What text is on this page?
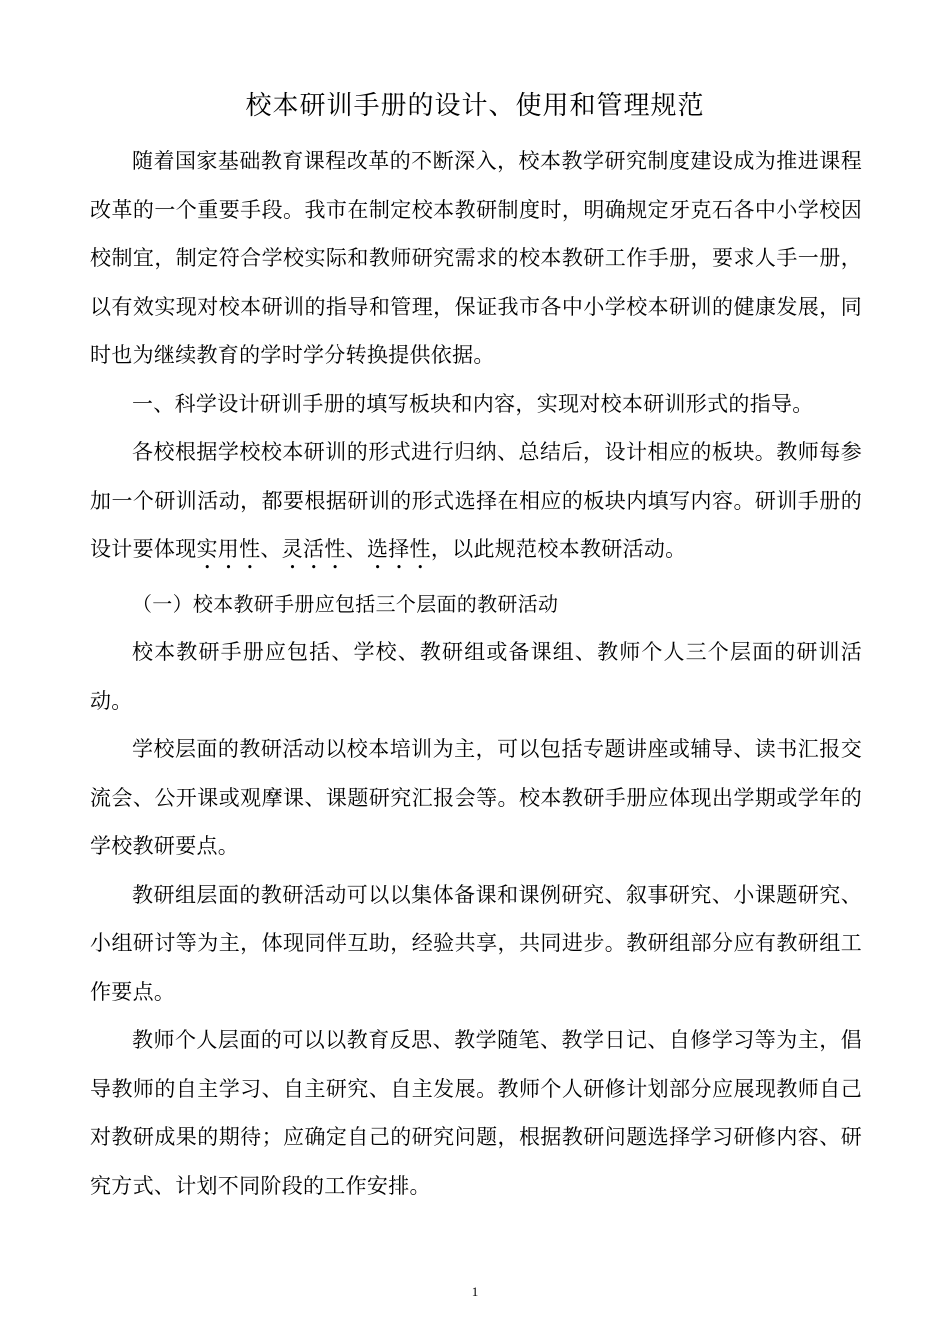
校本研训手册的设计、使用和管理规范

随着国家基础教育课程改革的不断深入，校本教学研究制度建设成为推进课程改革的一个重要手段。我市在制定校本教研制度时，明确规定牙克石各中小学校因校制宜，制定符合学校实际和教师研究需求的校本教研工作手册，要求人手一册，以有效实现对校本研训的指导和管理，保证我市各中小学校本研训的健康发展，同时也为继续教育的学时学分转换提供依据。

一、科学设计研训手册的填写板块和内容，实现对校本研训形式的指导。

各校根据学校校本研训的形式进行归纳、总结后，设计相应的板块。教师每参加一个研训活动，都要根据研训的形式选择在相应的板块内填写内容。研训手册的设计要体现实用性、灵活性、选择性，以此规范校本教研活动。

（一）校本教研手册应包括三个层面的教研活动

校本教研手册应包括、学校、教研组或备课组、教师个人三个层面的研训活动。

学校层面的教研活动以校本培训为主，可以包括专题讲座或辅导、读书汇报交流会、公开课或观摩课、课题研究汇报会等。校本教研手册应体现出学期或学年的学校教研要点。

教研组层面的教研活动可以以集体备课和课例研究、叙事研究、小课题研究、小组研讨等为主，体现同伴互助，经验共享，共同进步。教研组部分应有教研组工作要点。

教师个人层面的可以以教育反思、教学随笔、教学日记、自修学习等为主，倡导教师的自主学习、自主研究、自主发展。教师个人研修计划部分应展现教师自己对教研成果的期待；应确定自己的研究问题，根据教研问题选择学习研修内容、研究方式、计划不同阶段的工作安排。

1
